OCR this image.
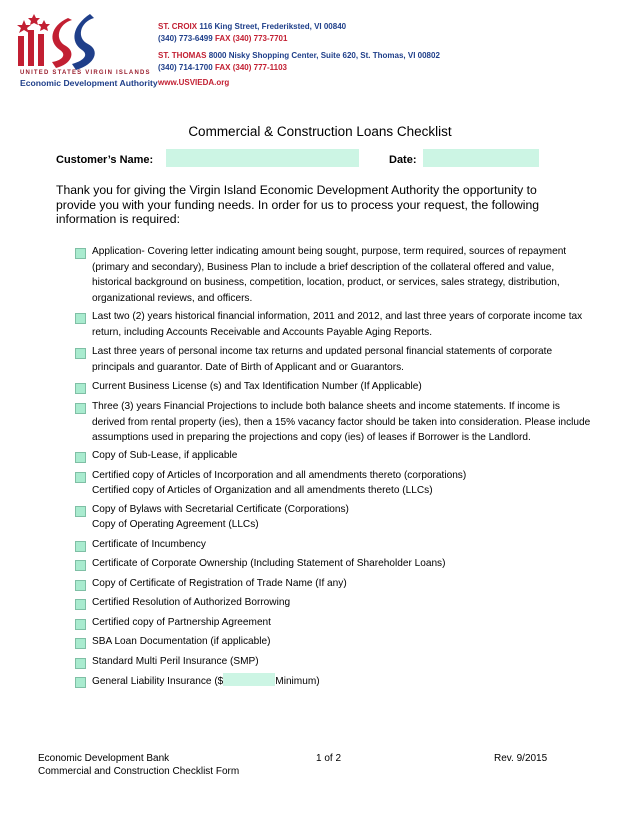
UNITED STATES VIRGIN ISLANDS
Economic Development Authority
ST. CROIX 116 King Street, Frederiksted, VI 00840
(340) 773-6499 FAX (340) 773-7701
ST. THOMAS 8000 Nisky Shopping Center, Suite 620, St. Thomas, VI 00802
(340) 714-1700 FAX (340) 777-1103
www.USVIEDA.org
Commercial & Construction Loans Checklist
Customer’s Name:	Date:
Thank you for giving the Virgin Island Economic Development Authority the opportunity to provide you with your funding needs. In order for us to process your request, the following information is required:
Application- Covering letter indicating amount being sought, purpose, term required, sources of repayment (primary and secondary), Business Plan to include a brief description of the collateral offered and value, historical background on business, competition, location, product, or services, sales strategy, distribution, organizational reviews, and officers.
Last two (2) years historical financial information, 2011 and 2012, and last three years of corporate income tax return, including Accounts Receivable and Accounts Payable Aging Reports.
Last three years of personal income tax returns and updated personal financial statements of corporate principals and guarantor. Date of Birth of Applicant and or Guarantors.
Current Business License (s) and Tax Identification Number (If Applicable)
Three (3) years Financial Projections to include both balance sheets and income statements. If income is derived from rental property (ies), then a 15% vacancy factor should be taken into consideration. Please include assumptions used in preparing the projections and copy (ies) of leases if Borrower is the Landlord.
Copy of Sub-Lease, if applicable
Certified copy of Articles of Incorporation and all amendments thereto (corporations)
Certified copy of Articles of Organization and all amendments thereto (LLCs)
Copy of Bylaws with Secretarial Certificate (Corporations)
Copy of Operating Agreement (LLCs)
Certificate of Incumbency
Certificate of Corporate Ownership (Including Statement of Shareholder Loans)
Copy of Certificate of Registration of Trade Name (If any)
Certified Resolution of Authorized Borrowing
Certified copy of Partnership Agreement
SBA Loan Documentation (if applicable)
Standard Multi Peril Insurance (SMP)
General Liability Insurance ($	Minimum)
Economic Development Bank
Commercial and Construction Checklist Form
1 of 2	Rev. 9/2015
